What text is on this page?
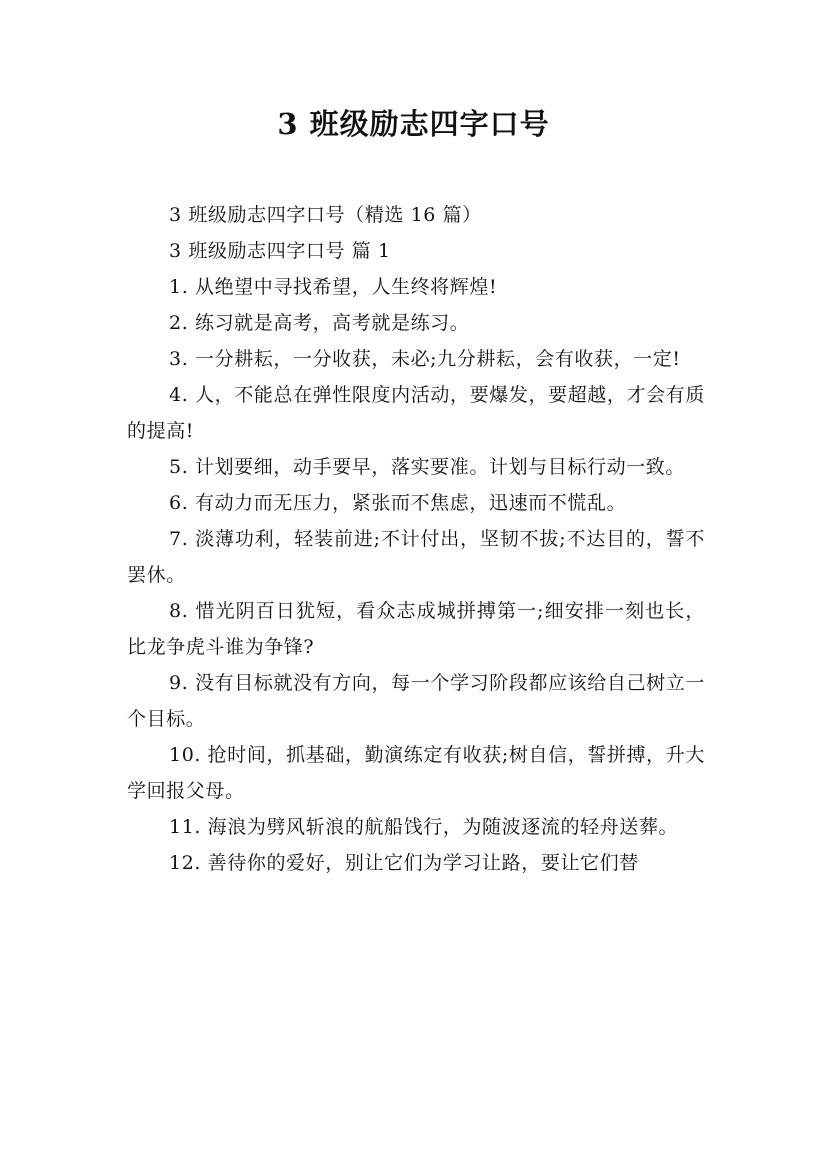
3 班级励志四字口号

3 班级励志四字口号（精选 16 篇）

3 班级励志四字口号 篇 1

1. 从绝望中寻找希望，人生终将辉煌!

2. 练习就是高考，高考就是练习。

3. 一分耕耘，一分收获，未必;九分耕耘，会有收获，一定!

4. 人，不能总在弹性限度内活动，要爆发，要超越，才会有质的提高!

5. 计划要细，动手要早，落实要准。计划与目标行动一致。

6. 有动力而无压力，紧张而不焦虑，迅速而不慌乱。

7. 淡薄功利，轻装前进;不计付出，坚韧不拔;不达目的，誓不罢休。

8. 惜光阴百日犹短，看众志成城拼搏第一;细安排一刻也长，比龙争虎斗谁为争锋?

9. 没有目标就没有方向，每一个学习阶段都应该给自己树立一个目标。

10. 抢时间，抓基础，勤演练定有收获;树自信，誓拼搏，升大学回报父母。

11. 海浪为劈风斩浪的航船饯行，为随波逐流的轻舟送葬。

12. 善待你的爱好，别让它们为学习让路，要让它们替
